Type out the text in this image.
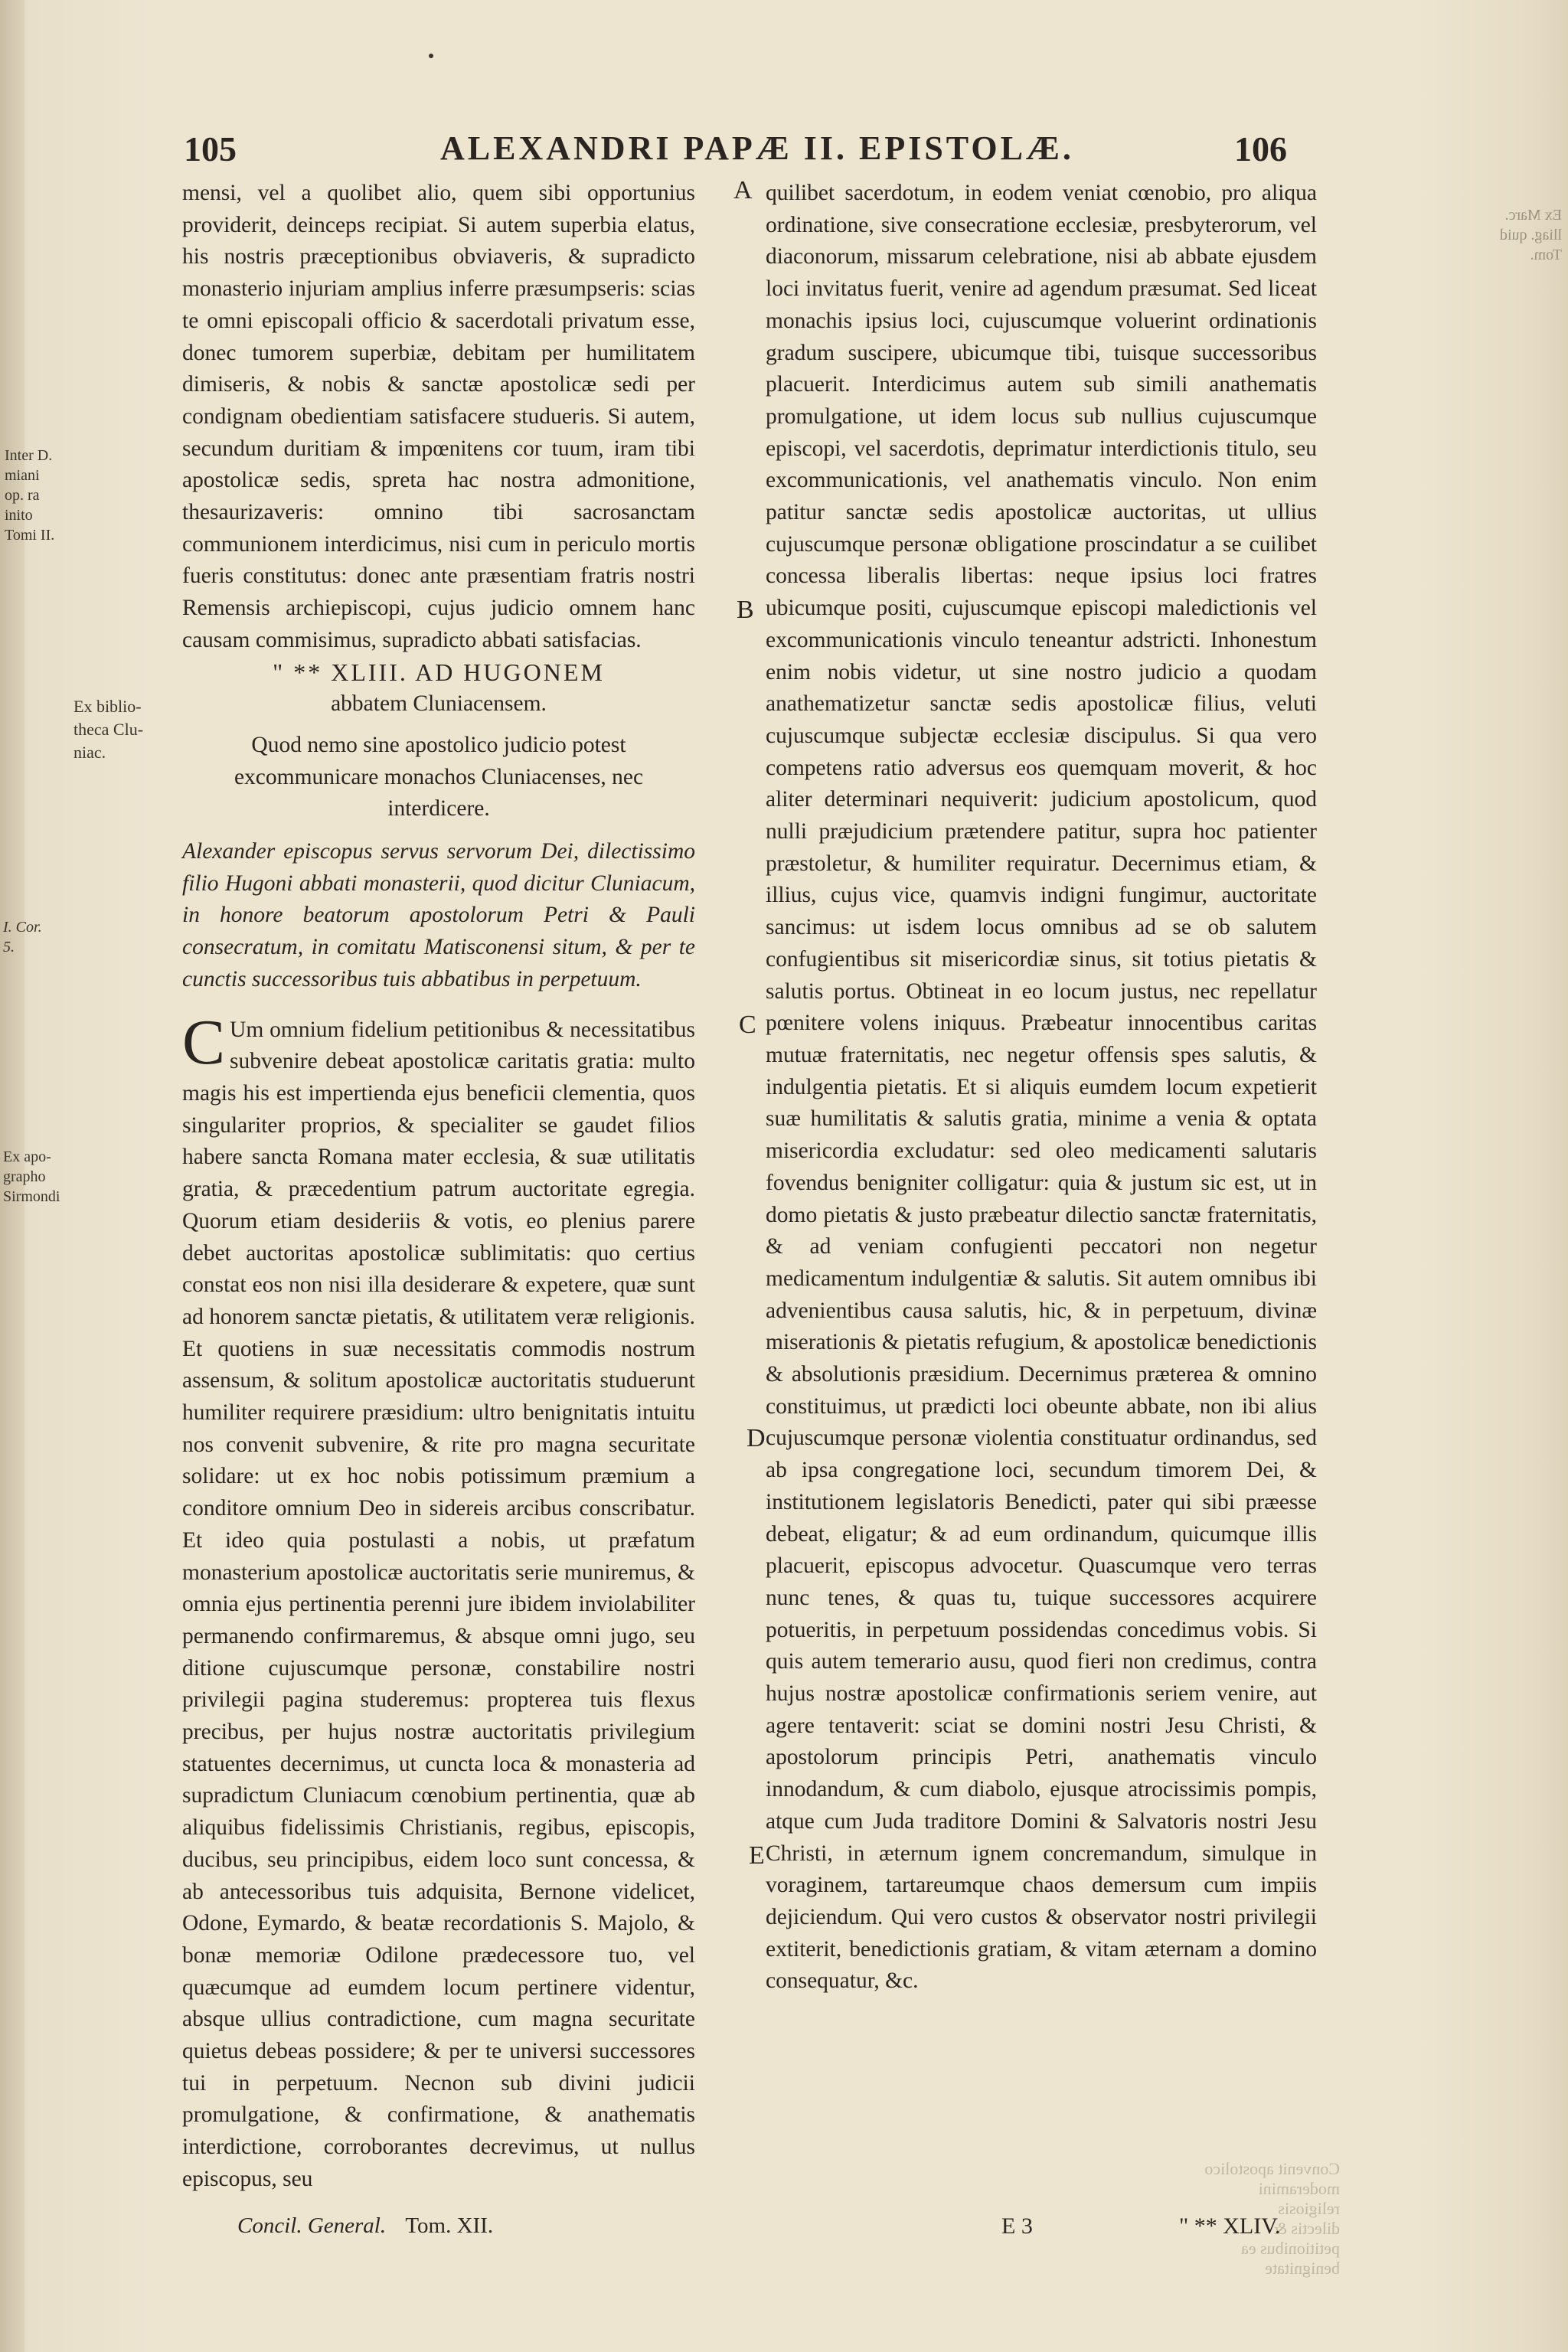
105	ALEXANDRI PAPÆ II. EPISTOLÆ.	106
Inter D. miani op. ra inito Tomi II.
Ex biblio- theca Clu- niac.
I. Cor. 5.
Ex apo- grapho Sirmondi
Ex Marc. lliag. quid Tom.

mensi, vel a quolibet alio, quem sibi opportunius providerit, deinceps recipiat. Si autem superbia elatus, his nostris præceptionibus obviaveris, & supradicto monasterio injuriam amplius inferre præsumpseris: scias te omni episcopali officio & sacerdotali privatum esse, donec tumorem superbiæ, debitam per humilitatem dimiseris, & nobis & sanctæ apostolicæ sedi per condignam obedientiam satisfacere studueris. Si autem, secundum duritiam & impœnitens cor tuum, iram tibi apostolicæ sedis, spreta hac nostra admonitione, thesaurizaveris: omnino tibi sacrosanctam communionem interdicimus, nisi cum in periculo mortis fueris constitutus: donec ante præsentiam fratris nostri Remensis archiepiscopi, cujus judicio omnem hanc causam commisimus, supradicto abbati satisfacias.

" ** XLIII. AD HUGONEM

abbatem Cluniacensem.

Quod nemo sine apostolico judicio potest excommunicare monachos Cluniacenses, nec interdicere.

Alexander episcopus servus servorum Dei, dilectissimo filio Hugoni abbati monasterii, quod dicitur Cluniacum, in honore beatorum apostolorum Petri & Pauli consecratum, in comitatu Matisconensi situm, & per te cunctis successoribus tuis abbatibus in perpetuum.

C Um omnium fidelium petitionibus & necessitatibus subvenire debeat apostolicæ caritatis gratia: multo magis his est impertienda ejus beneficii clementia, quos singulariter proprios, & specialiter se gaudet filios habere sancta Romana mater ecclesia, & suæ utilitatis gratia, & præcedentium patrum auctoritate egregia. Quorum etiam desideriis & votis, eo plenius parere debet auctoritas apostolicæ sublimitatis: quo certius constat eos non nisi illa desiderare & expetere, quæ sunt ad honorem sanctæ pietatis, & utilitatem veræ religionis. Et quotiens in suæ necessitatis commodis nostrum assensum, & solitum apostolicæ auctoritatis studuerunt humiliter requirere præsidium: ultro benignitatis intuitu nos convenit subvenire, & rite pro magna securitate solidare: ut ex hoc nobis potissimum præmium a conditore omnium Deo in sidereis arcibus conscribatur. Et ideo quia postulasti a nobis, ut præfatum monasterium apostolicæ auctoritatis serie muniremus, & omnia ejus pertinentia perenni jure ibidem inviolabiliter permanendo confirmaremus, & absque omni jugo, seu ditione cujuscumque personæ, constabilire nostri privilegii pagina studeremus: propterea tuis flexus precibus, per hujus nostræ auctoritatis privilegium statuentes decernimus, ut cuncta loca & monasteria ad supradictum Cluniacum cœnobium pertinentia, quæ ab aliquibus fidelissimis Christianis, regibus, episcopis, ducibus, seu principibus, eidem loco sunt concessa, & ab antecessoribus tuis adquisita, Bernone videlicet, Odone, Eymardo, & beatæ recordationis S. Majolo, & bonæ memoriæ Odilone prædecessore tuo, vel quæcumque ad eumdem locum pertinere videntur, absque ullius contradictione, cum magna securitate quietus debeas possidere; & per te universi successores tui in perpetuum. Necnon sub divini judicii promulgatione, & confirmatione, & anathematis interdictione, corroborantes decrevimus, ut nullus episcopus, seu

A
B
C
D
E

quilibet sacerdotum, in eodem veniat cœnobio, pro aliqua ordinatione, sive consecratione ecclesiæ, presbyterorum, vel diaconorum, missarum celebratione, nisi ab abbate ejusdem loci invitatus fuerit, venire ad agendum præsumat. Sed liceat monachis ipsius loci, cujuscumque voluerint ordinationis gradum suscipere, ubicumque tibi, tuisque successoribus placuerit. Interdicimus autem sub simili anathematis promulgatione, ut idem locus sub nullius cujuscumque episcopi, vel sacerdotis, deprimatur interdictionis titulo, seu excommunicationis, vel anathematis vinculo. Non enim patitur sanctæ sedis apostolicæ auctoritas, ut ullius cujuscumque personæ obligatione proscindatur a se cuilibet concessa liberalis libertas: neque ipsius loci fratres ubicumque positi, cujuscumque episcopi maledictionis vel excommunicationis vinculo teneantur adstricti. Inhonestum enim nobis videtur, ut sine nostro judicio a quodam anathematizetur sanctæ sedis apostolicæ filius, veluti cujuscumque subjectæ ecclesiæ discipulus. Si qua vero competens ratio adversus eos quemquam moverit, & hoc aliter determinari nequiverit: judicium apostolicum, quod nulli præjudicium prætendere patitur, supra hoc patienter præstoletur, & humiliter requiratur. Decernimus etiam, & illius, cujus vice, quamvis indigni fungimur, auctoritate sancimus: ut isdem locus omnibus ad se ob salutem confugientibus sit misericordiæ sinus, sit totius pietatis & salutis portus. Obtineat in eo locum justus, nec repellatur pœnitere volens iniquus. Præbeatur innocentibus caritas mutuæ fraternitatis, nec negetur offensis spes salutis, & indulgentia pietatis. Et si aliquis eumdem locum expetierit suæ humilitatis & salutis gratia, minime a venia & optata misericordia excludatur: sed oleo medicamenti salutaris fovendus benigniter colligatur: quia & justum sic est, ut in domo pietatis & justo præbeatur dilectio sanctæ fraternitatis, & ad veniam confugienti peccatori non negetur medicamentum indulgentiæ & salutis. Sit autem omnibus ibi advenientibus causa salutis, hic, & in perpetuum, divinæ miserationis & pietatis refugium, & apostolicæ benedictionis & absolutionis præsidium. Decernimus præterea & omnino constituimus, ut prædicti loci obeunte abbate, non ibi alius cujuscumque personæ violentia constituatur ordinandus, sed ab ipsa congregatione loci, secundum timorem Dei, & institutionem legislatoris Benedicti, pater qui sibi præesse debeat, eligatur; & ad eum ordinandum, quicumque illis placuerit, episcopus advocetur. Quascumque vero terras nunc tenes, & quas tu, tuique successores acquirere potueritis, in perpetuum possidendas concedimus vobis. Si quis autem temerario ausu, quod fieri non credimus, contra hujus nostræ apostolicæ confirmationis seriem venire, aut agere tentaverit: sciat se domini nostri Jesu Christi, & apostolorum principis Petri, anathematis vinculo innodandum, & cum diabolo, ejusque atrocissimis pompis, atque cum Juda traditore Domini & Salvatoris nostri Jesu Christi, in æternum ignem concremandum, simulque in voraginem, tartareumque chaos demersum cum impiis dejiciendum. Qui vero custos & observator nostri privilegii extiterit, benedictionis gratiam, & vitam æternam a domino consequatur, &c.

Convenit apostolico moderamini religiosis
dilectis & petitionibus ea benignitate
Concil. General. Tom. XII.	E 3	" ** XLIV.
